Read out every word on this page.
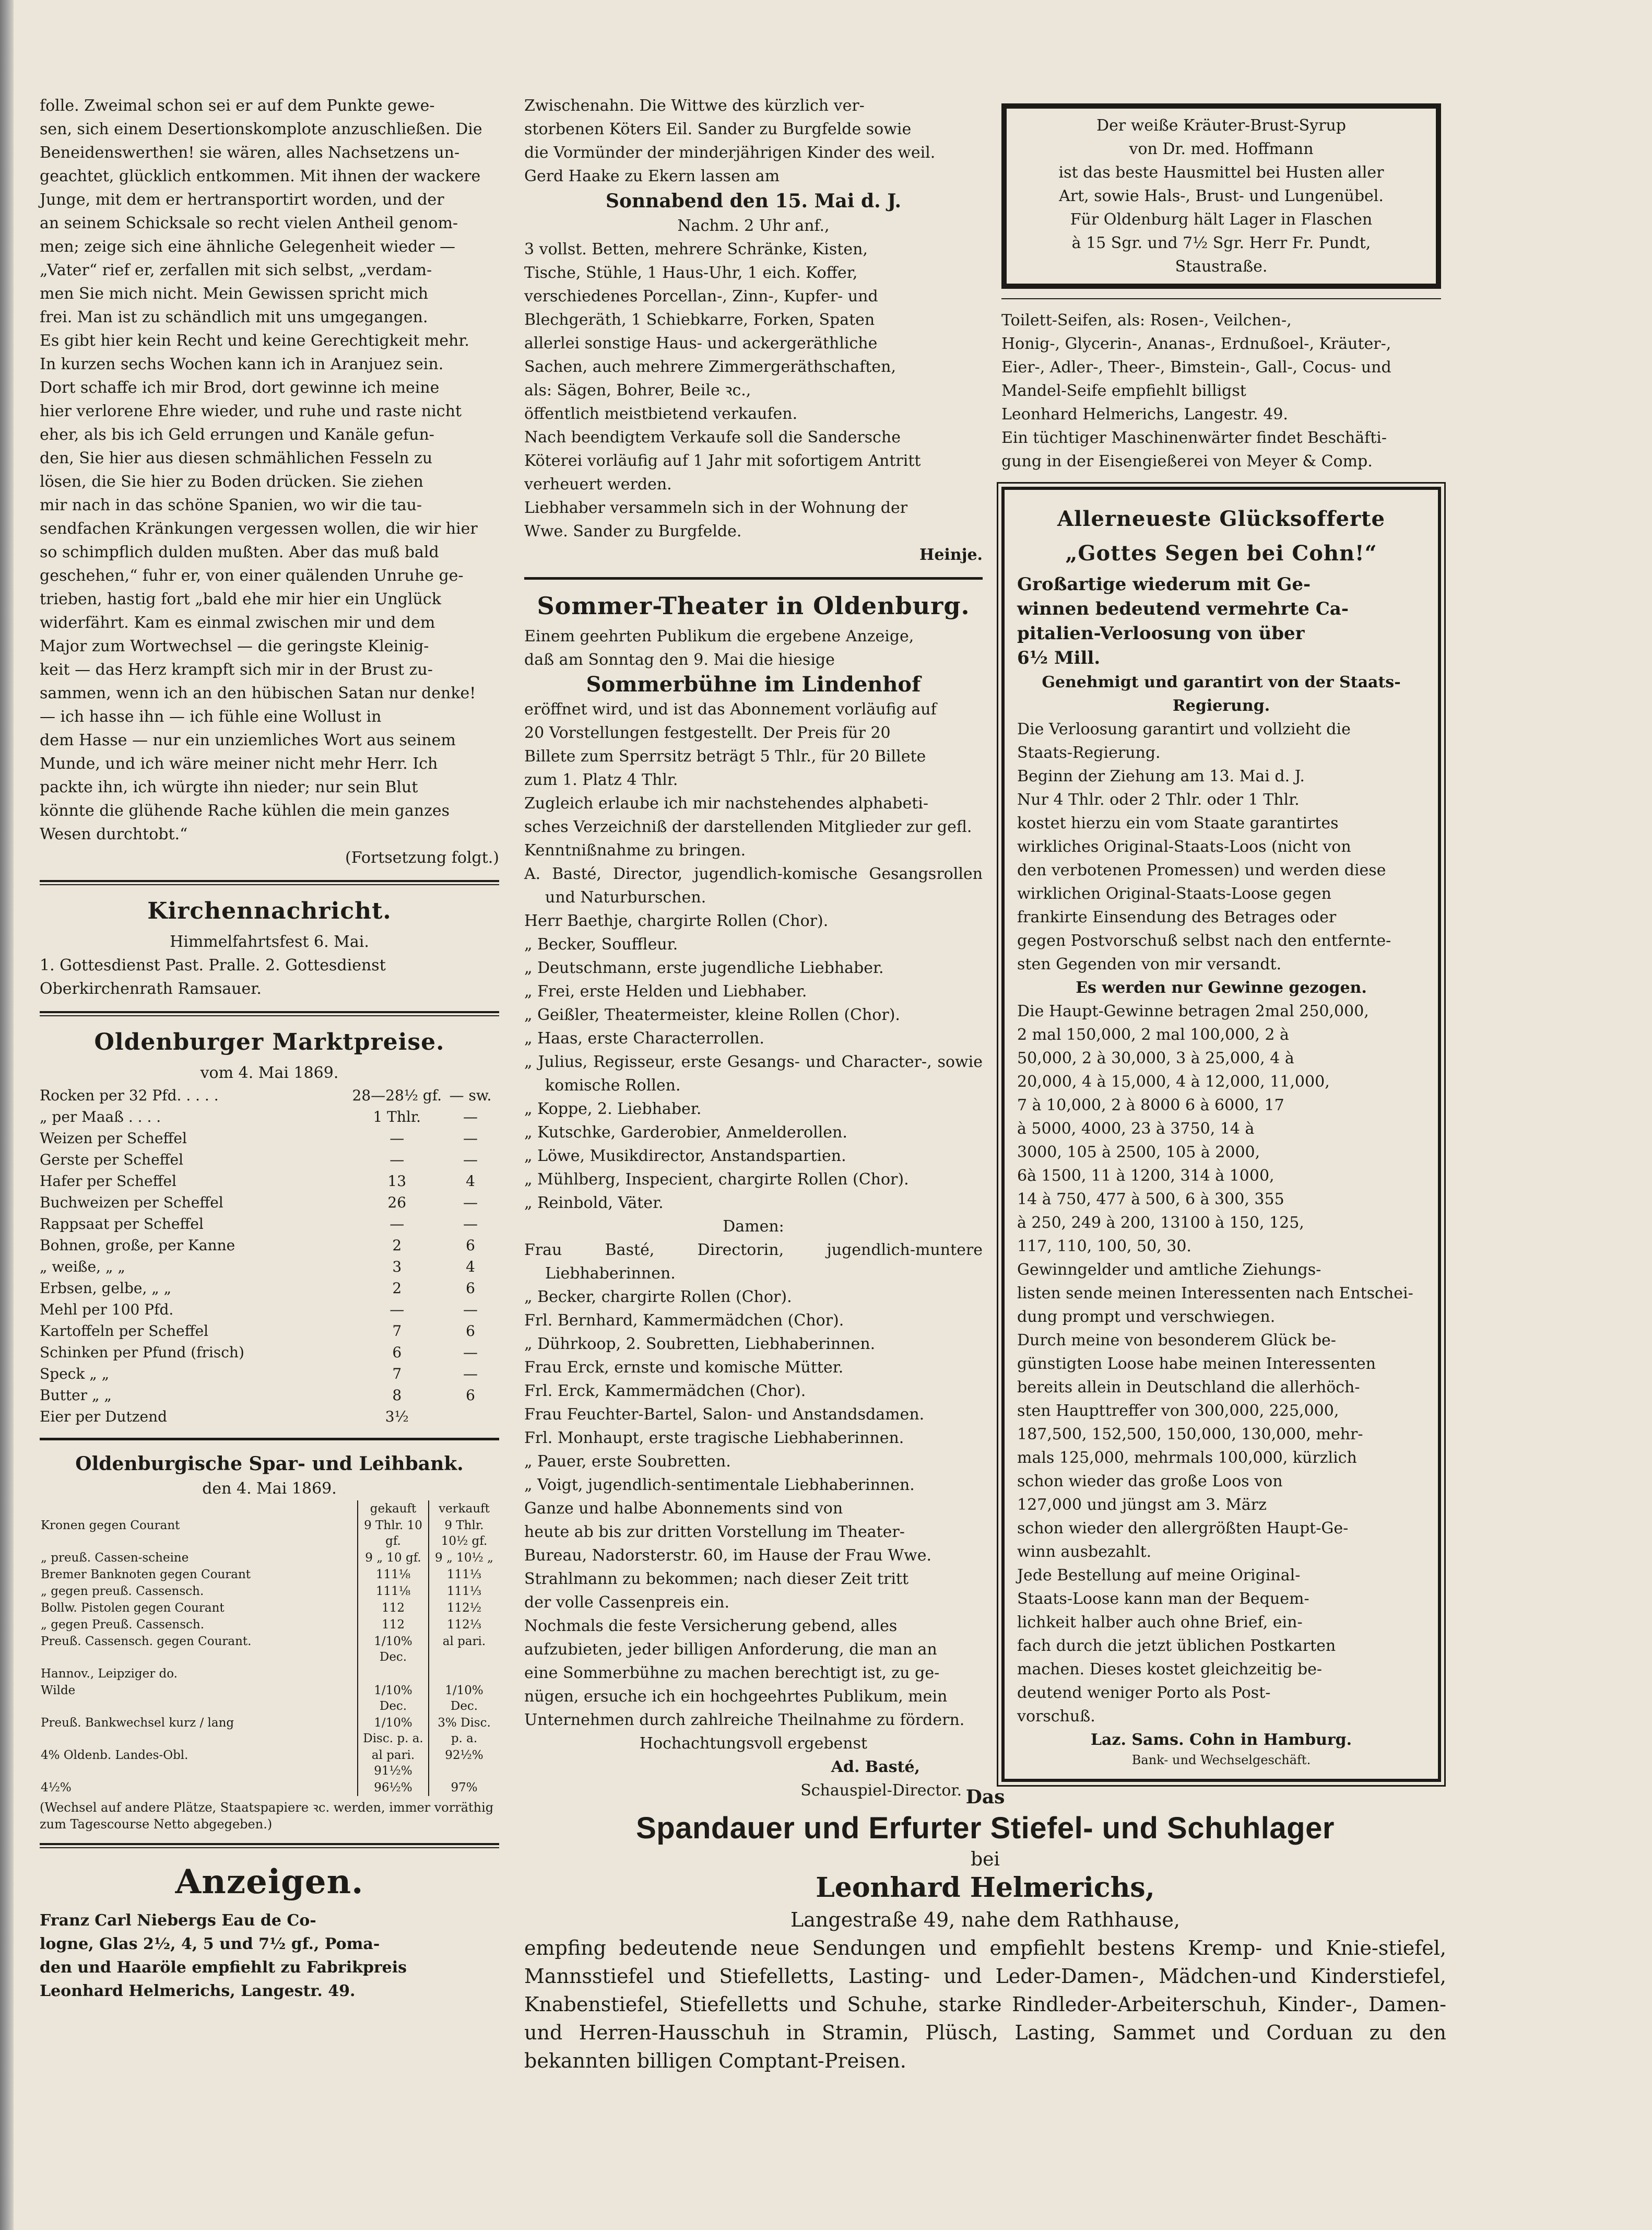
folle. Zweimal schon sei er auf dem Punkte gewe-

sen, sich einem Desertionskomplote anzuschließen. Die

Beneidenswerthen! sie wären, alles Nachsetzens un-

geachtet, glücklich entkommen. Mit ihnen der wackere

Junge, mit dem er hertransportirt worden, und der

an seinem Schicksale so recht vielen Antheil genom-

men; zeige sich eine ähnliche Gelegenheit wieder —

„Vater“ rief er, zerfallen mit sich selbst, „verdam-

men Sie mich nicht. Mein Gewissen spricht mich

frei. Man ist zu schändlich mit uns umgegangen.

Es gibt hier kein Recht und keine Gerechtigkeit mehr.

In kurzen sechs Wochen kann ich in Aranjuez sein.

Dort schaffe ich mir Brod, dort gewinne ich meine

hier verlorene Ehre wieder, und ruhe und raste nicht

eher, als bis ich Geld errungen und Kanäle gefun-

den, Sie hier aus diesen schmählichen Fesseln zu

lösen, die Sie hier zu Boden drücken. Sie ziehen

mir nach in das schöne Spanien, wo wir die tau-

sendfachen Kränkungen vergessen wollen, die wir hier

so schimpflich dulden mußten. Aber das muß bald

geschehen,“ fuhr er, von einer quälenden Unruhe ge-

trieben, hastig fort „bald ehe mir hier ein Unglück

widerfährt. Kam es einmal zwischen mir und dem

Major zum Wortwechsel — die geringste Kleinig-

keit — das Herz krampft sich mir in der Brust zu-

sammen, wenn ich an den hübischen Satan nur denke!

— ich hasse ihn — ich fühle eine Wollust in

dem Hasse — nur ein unziemliches Wort aus seinem

Munde, und ich wäre meiner nicht mehr Herr. Ich

packte ihn, ich würgte ihn nieder; nur sein Blut

könnte die glühende Rache kühlen die mein ganzes

Wesen durchtobt.“

(Fortsetzung folgt.)
Kirchennachricht.
Himmelfahrtsfest 6. Mai.
1. Gottesdienst Past. Pralle. 2. Gottesdienst
Oberkirchenrath Ramsauer.
Oldenburger Marktpreise.
vom 4. Mai 1869.
Rocken per 32 Pfd. . . . .	28—28½ gf.	— sw.
„ per Maaß . . . .	1 Thlr.	—
Weizen per Scheffel	—	—
Gerste per Scheffel	—	—
Hafer per Scheffel	13	4
Buchweizen per Scheffel	26	—
Rappsaat per Scheffel	—	—
Bohnen, große, per Kanne	2	6
„ weiße, „ „	3	4
Erbsen, gelbe, „ „	2	6
Mehl per 100 Pfd.	—	—
Kartoffeln per Scheffel	7	6
Schinken per Pfund (frisch)	6	—
Speck „ „	7	—
Butter „ „	8	6
Eier per Dutzend	3½	
Oldenburgische Spar- und Leihbank.
den 4. Mai 1869.
	gekauft	verkauft
Kronen gegen Courant	9 Thlr. 10 gf.	9 Thlr. 10½ gf.
„ preuß. Cassen-scheine	9 „ 10 gf.	9 „ 10½ „
Bremer Banknoten gegen Courant	111⅛	111⅓
„ gegen preuß. Cassensch.	111⅛	111⅓
Bollw. Pistolen gegen Courant	112	112½
„ gegen Preuß. Cassensch.	112	112⅓
Preuß. Cassensch. gegen Courant.	1/10% Dec.	al pari.
Hannov., Leipziger do.		
Wilde	1/10% Dec.	1/10% Dec.
Preuß. Bankwechsel kurz / lang	1/10% Disc. p. a.	3% Disc. p. a.
4% Oldenb. Landes-Obl.	al pari. 91½%	92½%
4½%	96½%	97%
(Wechsel auf andere Plätze, Staatspapiere ꝛc. werden, immer vorräthig zum Tagescourse Netto abgegeben.)
Anzeigen.

Franz Carl Niebergs Eau de Co-

logne, Glas 2½, 4, 5 und 7½ gf., Poma-

den und Haaröle empfiehlt zu Fabrikpreis

Leonhard Helmerichs, Langestr. 49.

Zwischenahn. Die Wittwe des kürzlich ver-

storbenen Köters Eil. Sander zu Burgfelde sowie

die Vormünder der minderjährigen Kinder des weil.

Gerd Haake zu Ekern lassen am

Sonnabend den 15. Mai d. J.
Nachm. 2 Uhr anf.,

3 vollst. Betten, mehrere Schränke, Kisten,

Tische, Stühle, 1 Haus-Uhr, 1 eich. Koffer,

verschiedenes Porcellan-, Zinn-, Kupfer- und

Blechgeräth, 1 Schiebkarre, Forken, Spaten

allerlei sonstige Haus- und ackergeräthliche

Sachen, auch mehrere Zimmergeräthschaften,

als: Sägen, Bohrer, Beile ꝛc.,

öffentlich meistbietend verkaufen.

Nach beendigtem Verkaufe soll die Sandersche

Köterei vorläufig auf 1 Jahr mit sofortigem Antritt

verheuert werden.

Liebhaber versammeln sich in der Wohnung der

Wwe. Sander zu Burgfelde.

Heinje.
Sommer-Theater in Oldenburg.

Einem geehrten Publikum die ergebene Anzeige,

daß am Sonntag den 9. Mai die hiesige

Sommerbühne im Lindenhof

eröffnet wird, und ist das Abonnement vorläufig auf

20 Vorstellungen festgestellt. Der Preis für 20

Billete zum Sperrsitz beträgt 5 Thlr., für 20 Billete

zum 1. Platz 4 Thlr.

Zugleich erlaube ich mir nachstehendes alphabeti-

sches Verzeichniß der darstellenden Mitglieder zur gefl.

Kenntnißnahme zu bringen.

A. Basté, Director, jugendlich-komische Gesangsrollen und Naturburschen.

Herr Baethje, chargirte Rollen (Chor).

„ Becker, Souffleur.

„ Deutschmann, erste jugendliche Liebhaber.

„ Frei, erste Helden und Liebhaber.

„ Geißler, Theatermeister, kleine Rollen (Chor).

„ Haas, erste Characterrollen.

„ Julius, Regisseur, erste Gesangs- und Character-, sowie komische Rollen.

„ Koppe, 2. Liebhaber.

„ Kutschke, Garderobier, Anmelderollen.

„ Löwe, Musikdirector, Anstandspartien.

„ Mühlberg, Inspecient, chargirte Rollen (Chor).

„ Reinbold, Väter.

Damen:

Frau Basté, Directorin, jugendlich-muntere Liebhaberinnen.

„ Becker, chargirte Rollen (Chor).

Frl. Bernhard, Kammermädchen (Chor).

„ Dührkoop, 2. Soubretten, Liebhaberinnen.

Frau Erck, ernste und komische Mütter.

Frl. Erck, Kammermädchen (Chor).

Frau Feuchter-Bartel, Salon- und Anstandsdamen.

Frl. Monhaupt, erste tragische Liebhaberinnen.

„ Pauer, erste Soubretten.

„ Voigt, jugendlich-sentimentale Liebhaberinnen.

Ganze und halbe Abonnements sind von

heute ab bis zur dritten Vorstellung im Theater-

Bureau, Nadorsterstr. 60, im Hause der Frau Wwe.

Strahlmann zu bekommen; nach dieser Zeit tritt

der volle Cassenpreis ein.

Nochmals die feste Versicherung gebend, alles

aufzubieten, jeder billigen Anforderung, die man an

eine Sommerbühne zu machen berechtigt ist, zu ge-

nügen, ersuche ich ein hochgeehrtes Publikum, mein

Unternehmen durch zahlreiche Theilnahme zu fördern.

Hochachtungsvoll ergebenst
Ad. Basté,
Schauspiel-Director.

Der weiße Kräuter-Brust-Syrup

von Dr. med. Hoffmann

ist das beste Hausmittel bei Husten aller

Art, sowie Hals-, Brust- und Lungenübel.

Für Oldenburg hält Lager in Flaschen

à 15 Sgr. und 7½ Sgr. Herr Fr. Pundt,

Staustraße.

Toilett-Seifen, als: Rosen-, Veilchen-,

Honig-, Glycerin-, Ananas-, Erdnußoel-, Kräuter-,

Eier-, Adler-, Theer-, Bimstein-, Gall-, Cocus- und

Mandel-Seife empfiehlt billigst

Leonhard Helmerichs, Langestr. 49.

Ein tüchtiger Maschinenwärter findet Beschäfti-

gung in der Eisengießerei von Meyer & Comp.

Allerneueste Glücksofferte
„Gottes Segen bei Cohn!“

Großartige wiederum mit Ge-

winnen bedeutend vermehrte Ca-

pitalien-Verloosung von über

6½ Mill.

Genehmigt und garantirt von der Staats-Regierung.

Die Verloosung garantirt und vollzieht die

Staats-Regierung.

Beginn der Ziehung am 13. Mai d. J.

Nur 4 Thlr. oder 2 Thlr. oder 1 Thlr.

kostet hierzu ein vom Staate garantirtes

wirkliches Original-Staats-Loos (nicht von

den verbotenen Promessen) und werden diese

wirklichen Original-Staats-Loose gegen

frankirte Einsendung des Betrages oder

gegen Postvorschuß selbst nach den entfernte-

sten Gegenden von mir versandt.

Es werden nur Gewinne gezogen.

Die Haupt-Gewinne betragen 2mal 250,000,

2 mal 150,000, 2 mal 100,000, 2 à

50,000, 2 à 30,000, 3 à 25,000, 4 à

20,000, 4 à 15,000, 4 à 12,000, 11,000,

7 à 10,000, 2 à 8000 6 à 6000, 17

à 5000, 4000, 23 à 3750, 14 à

3000, 105 à 2500, 105 à 2000,

6à 1500, 11 à 1200, 314 à 1000,

14 à 750, 477 à 500, 6 à 300, 355

à 250, 249 à 200, 13100 à 150, 125,

117, 110, 100, 50, 30.

Gewinngelder und amtliche Ziehungs-

listen sende meinen Interessenten nach Entschei-

dung prompt und verschwiegen.

Durch meine von besonderem Glück be-

günstigten Loose habe meinen Interessenten

bereits allein in Deutschland die allerhöch-

sten Haupttreffer von 300,000, 225,000,

187,500, 152,500, 150,000, 130,000, mehr-

mals 125,000, mehrmals 100,000, kürzlich

schon wieder das große Loos von

127,000 und jüngst am 3. März

schon wieder den allergrößten Haupt-Ge-

winn ausbezahlt.

Jede Bestellung auf meine Original-

Staats-Loose kann man der Bequem-

lichkeit halber auch ohne Brief, ein-

fach durch die jetzt üblichen Postkarten

machen. Dieses kostet gleichzeitig be-

deutend weniger Porto als Post-

vorschuß.

Laz. Sams. Cohn in Hamburg.
Bank- und Wechselgeschäft.
Das
Spandauer und Erfurter Stiefel- und Schuhlager
bei
Leonhard Helmerichs,
Langestraße 49, nahe dem Rathhause,
empfing bedeutende neue Sendungen und empfiehlt bestens Kremp- und Knie-stiefel, Mannsstiefel und Stiefelletts, Lasting- und Leder-Damen-, Mädchen-und Kinderstiefel, Knabenstiefel, Stiefelletts und Schuhe, starke Rindleder-Arbeiterschuh, Kinder-, Damen- und Herren-Hausschuh in Stramin, Plüsch, Lasting, Sammet und Corduan zu den bekannten billigen Comptant-Preisen.
